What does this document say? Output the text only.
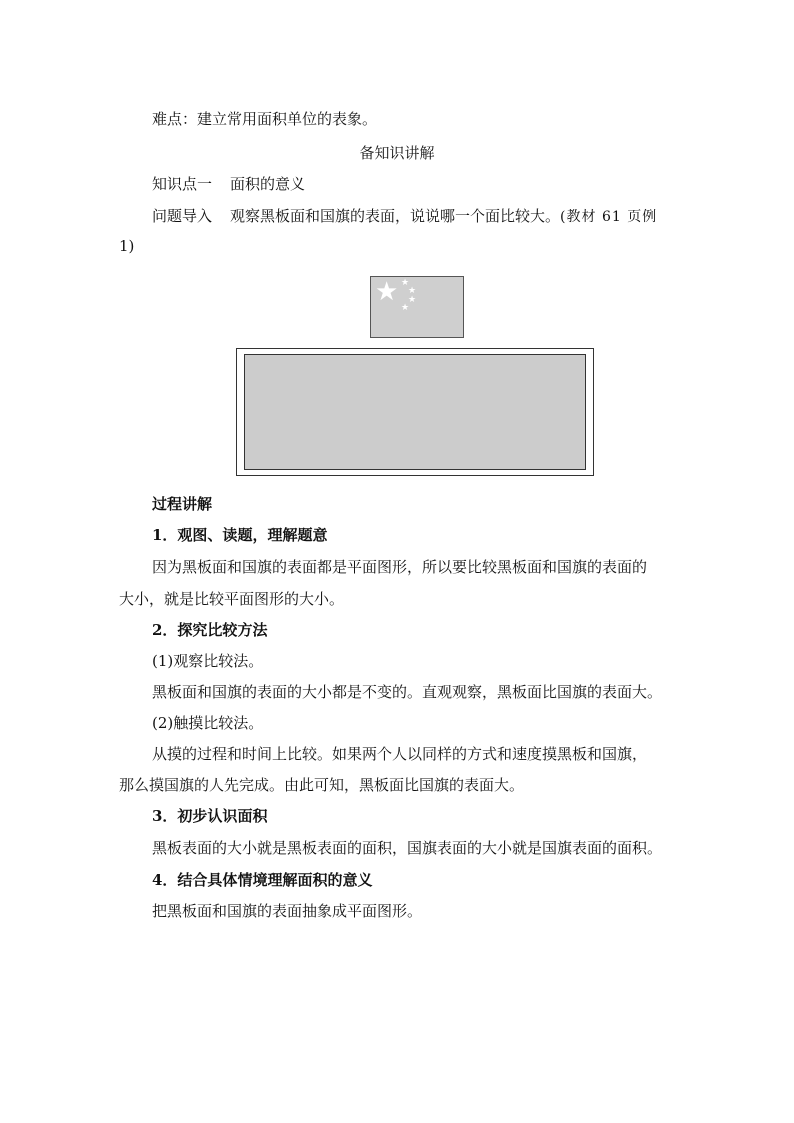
难点：建立常用面积单位的表象。
备知识讲解
知识点一 面积的意义
问题导入 观察黑板面和国旗的表面，说说哪一个面比较大。(教材 61 页例
1)
★ ★
★
★
★
过程讲解
1．观图、读题，理解题意
因为黑板面和国旗的表面都是平面图形，所以要比较黑板面和国旗的表面的
大小，就是比较平面图形的大小。
2．探究比较方法
(1)观察比较法。
黑板面和国旗的表面的大小都是不变的。直观观察，黑板面比国旗的表面大。
(2)触摸比较法。
从摸的过程和时间上比较。如果两个人以同样的方式和速度摸黑板和国旗，
那么摸国旗的人先完成。由此可知，黑板面比国旗的表面大。
3．初步认识面积
黑板表面的大小就是黑板表面的面积，国旗表面的大小就是国旗表面的面积。
4．结合具体情境理解面积的意义
把黑板面和国旗的表面抽象成平面图形。
